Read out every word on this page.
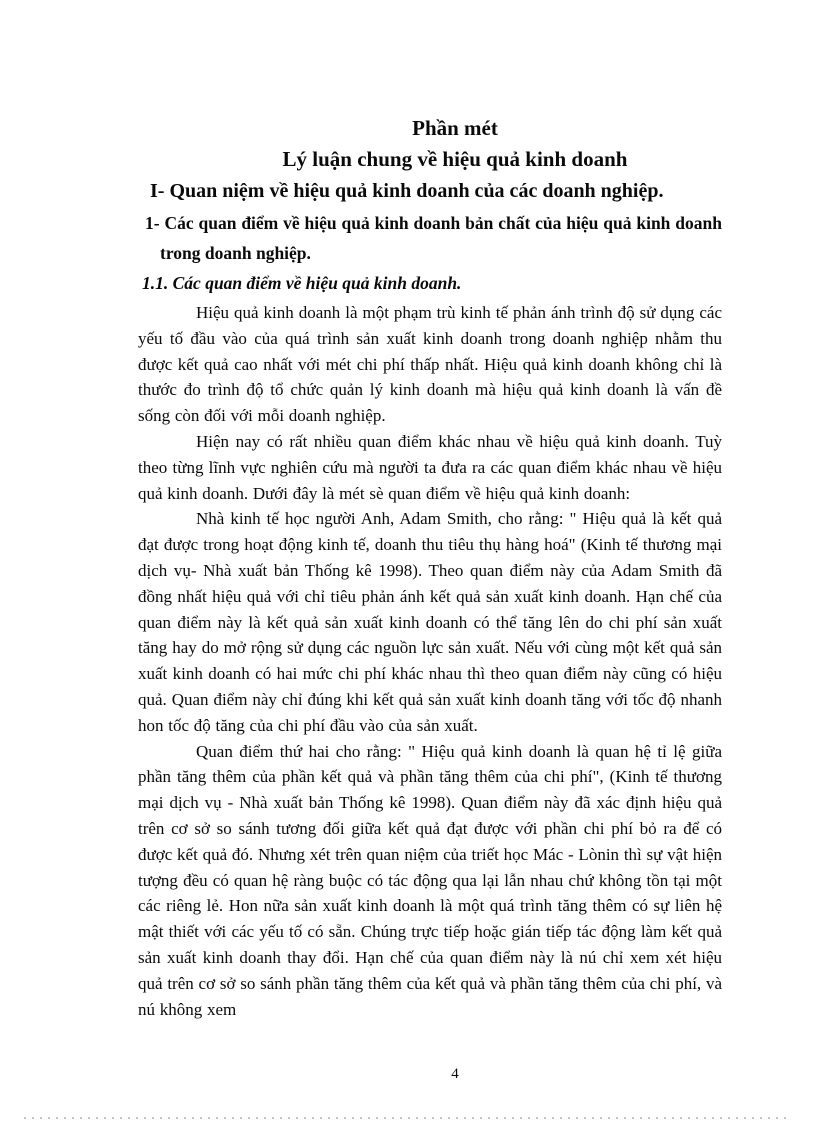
Phần mét

Lý luận chung về hiệu quả kinh doanh

I- Quan niệm về hiệu quả kinh doanh của các doanh nghiệp.

1- Các quan điểm về hiệu quả kinh doanh bản chất của hiệu quả kinh doanh trong doanh nghiệp.

1.1. Các quan điểm về hiệu quả kinh doanh.

Hiệu quả kinh doanh là một phạm trù kinh tế phản ánh trình độ sử dụng các yếu tố đầu vào của quá trình sản xuất kinh doanh trong doanh nghiệp nhằm thu được kết quả cao nhất với mét chi phí thấp nhất. Hiệu quả kinh doanh không chỉ là thước đo trình độ tổ chức quản lý kinh doanh mà hiệu quả kinh doanh là vấn đề sống còn đối với mỗi doanh nghiệp.

Hiện nay có rất nhiều quan điểm khác nhau về hiệu quả kinh doanh. Tuỳ theo từng lĩnh vực nghiên cứu mà người ta đưa ra các quan điểm khác nhau về hiệu quả kinh doanh. Dưới đây là mét sè quan điểm về hiệu quả kinh doanh:

Nhà kinh tế học người Anh, Adam Smith, cho rằng: " Hiệu quả là kết quả đạt được trong hoạt động kinh tế, doanh thu tiêu thụ hàng hoá" (Kinh tế thương mại dịch vụ- Nhà xuất bản Thống kê 1998). Theo quan điểm này của Adam Smith đã đồng nhất hiệu quả với chỉ tiêu phản ánh kết quả sản xuất kinh doanh. Hạn chế của quan điểm này là kết quả sản xuất kinh doanh có thể tăng lên do chi phí sản xuất tăng hay do mở rộng sử dụng các nguồn lực sản xuất. Nếu với cùng một kết quả sản xuất kinh doanh có hai mức chi phí khác nhau thì theo quan điểm này cũng có hiệu quả. Quan điểm này chỉ đúng khi kết quả sản xuất kinh doanh tăng với tốc độ nhanh hon tốc độ tăng của chi phí đầu vào của sản xuất.

Quan điểm thứ hai cho rằng: " Hiệu quả kinh doanh là quan hệ tỉ lệ giữa phần tăng thêm của phần kết quả và phần tăng thêm của chi phí", (Kinh tế thương mại dịch vụ - Nhà xuất bản Thống kê 1998). Quan điểm này đã xác định hiệu quả trên cơ sở so sánh tương đối giữa kết quả đạt được với phần chi phí bỏ ra để có được kết quả đó. Nhưng xét trên quan niệm của triết học Mác - Lònin thì sự vật hiện tượng đều có quan hệ ràng buộc có tác động qua lại lẫn nhau chứ không tồn tại một các riêng lẻ. Hon nữa sản xuất kinh doanh là một quá trình tăng thêm có sự liên hệ mật thiết với các yếu tố có sẵn. Chúng trực tiếp hoặc gián tiếp tác động làm kết quả sản xuất kinh doanh thay đổi. Hạn chế của quan điểm này là nú chỉ xem xét hiệu quả trên cơ sở so sánh phần tăng thêm của kết quả và phần tăng thêm của chi phí, và nú không xem

4
